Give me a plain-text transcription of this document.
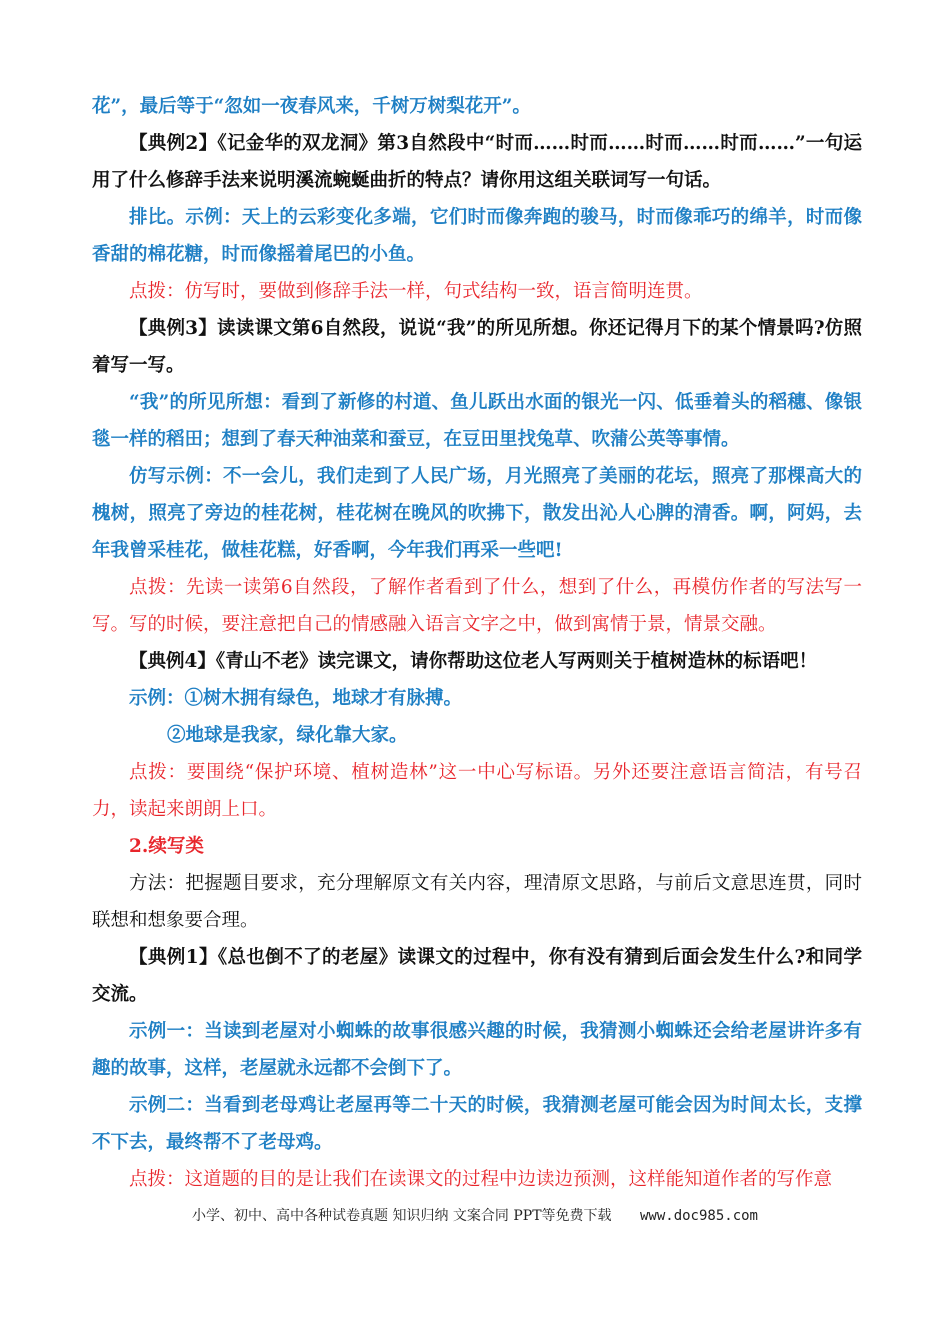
花”，最后等于“忽如一夜春风来，千树万树梨花开”。

【典例2】《记金华的双龙洞》第3自然段中“时而……时而……时而……时而……”一句运用了什么修辞手法来说明溪流蜿蜒曲折的特点？请你用这组关联词写一句话。

排比。示例：天上的云彩变化多端，它们时而像奔跑的骏马，时而像乖巧的绵羊，时而像香甜的棉花糖，时而像摇着尾巴的小鱼。

点拨：仿写时，要做到修辞手法一样，句式结构一致，语言简明连贯。

【典例3】读读课文第6自然段，说说“我”的所见所想。你还记得月下的某个情景吗?仿照着写一写。

“我”的所见所想：看到了新修的村道、鱼儿跃出水面的银光一闪、低垂着头的稻穗、像银毯一样的稻田；想到了春天种油菜和蚕豆，在豆田里找兔草、吹蒲公英等事情。

仿写示例：不一会儿，我们走到了人民广场，月光照亮了美丽的花坛，照亮了那棵高大的槐树，照亮了旁边的桂花树，桂花树在晚风的吹拂下，散发出沁人心脾的清香。啊，阿妈，去年我曾采桂花，做桂花糕，好香啊，今年我们再采一些吧!

点拨：先读一读第6自然段，了解作者看到了什么，想到了什么，再模仿作者的写法写一写。写的时候，要注意把自己的情感融入语言文字之中，做到寓情于景，情景交融。

【典例4】《青山不老》读完课文，请你帮助这位老人写两则关于植树造林的标语吧！

示例：①树木拥有绿色，地球才有脉搏。

②地球是我家，绿化靠大家。

点拨：要围绕“保护环境、植树造林”这一中心写标语。另外还要注意语言简洁，有号召力，读起来朗朗上口。

2.续写类

方法：把握题目要求，充分理解原文有关内容，理清原文思路，与前后文意思连贯，同时联想和想象要合理。

【典例1】《总也倒不了的老屋》读课文的过程中，你有没有猜到后面会发生什么?和同学交流。

示例一：当读到老屋对小蜘蛛的故事很感兴趣的时候，我猜测小蜘蛛还会给老屋讲许多有趣的故事，这样，老屋就永远都不会倒下了。

示例二：当看到老母鸡让老屋再等二十天的时候，我猜测老屋可能会因为时间太长，支撑不下去，最终帮不了老母鸡。

点拨：这道题的目的是让我们在读课文的过程中边读边预测，这样能知道作者的写作意

小学、初中、高中各种试卷真题 知识归纳 文案合同 PPT等免费下载 www.doc985.com
